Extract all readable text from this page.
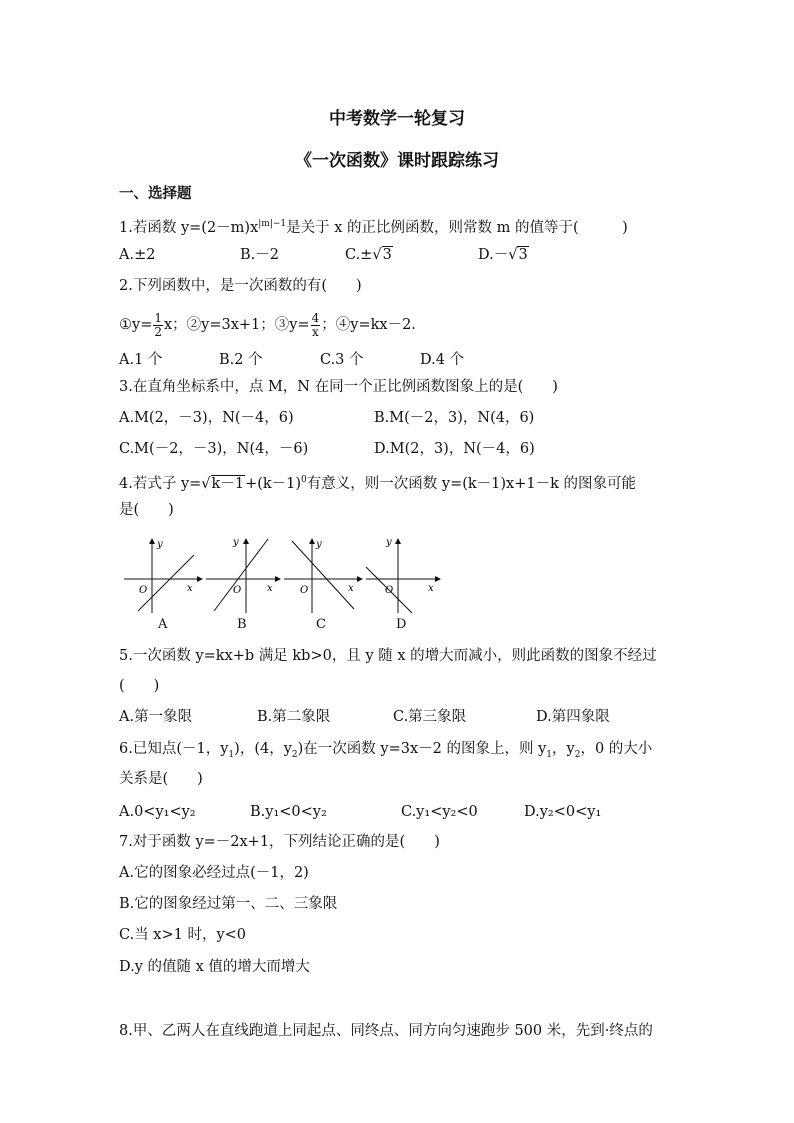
中考数学一轮复习
《一次函数》课时跟踪练习
一、选择题
1.若函数 $y=(2-m)x^{|m|-1}$是关于 x 的正比例函数，则常数 m 的值等于(　　　)
A.±2	B.－2	C.±√3	D.－√3
2.下列函数中，是一次函数的有(　　)
①y= $\frac{1}{2}$ x；②y=3x+1；③y= $\frac{4}{x}$ ；④y=kx－2.
A.1 个	B.2 个	C.3 个	D.4 个
3.在直角坐标系中，点 M，N 在同一个正比例函数图象上的是(　　)
A.M(2，－3)，N(－4，6)	B.M(－2，3)，N(4，6)
C.M(－2，－3)，N(4，－6)	D.M(2，3)，N(－4，6)
4.若式子 $y=√k-1+(k-1)^0$有意义，则一次函数 y=(k－1)x+1－k 的图象可能
是(　　)
y
x
O
y
x
O
y
x
O
y
x
O
A	B	C	D
5.一次函数 y=kx+b 满足 kb>0，且 y 随 x 的增大而减小，则此函数的图象不经过
(　　)
A.第一象限	B.第二象限	C.第三象限	D.第四象限
6.已知点(－1，$y_1$)，(4，$y_2$)在一次函数 y=3x－2 的图象上，则 $y_1$，$y_2$，0 的大小
关系是(　　)
A.0<y₁<y₂	B.y₁<0<y₂	C.y₁<y₂<0	D.y₂<0<y₁
7.对于函数 y=－2x+1，下列结论正确的是(　　)
A.它的图象必经过点(－1，2)
B.它的图象经过第一、二、三象限
C.当 x>1 时，y<0
D.y 的值随 x 值的增大而增大
8.甲、乙两人在直线跑道上同起点、同终点、同方向匀速跑步 500 米，先到·终点的
